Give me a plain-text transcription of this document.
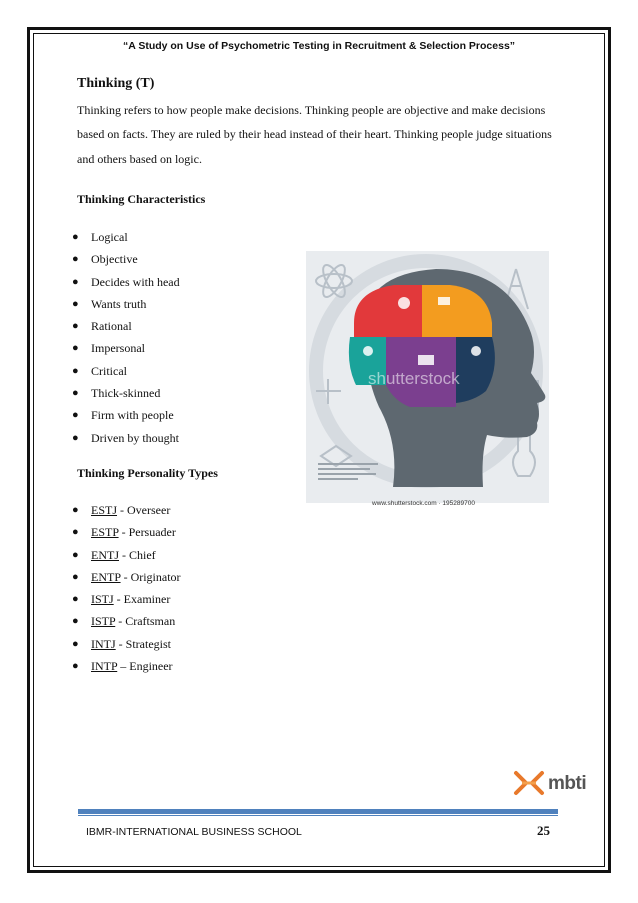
“A Study on Use of Psychometric Testing in Recruitment & Selection Process”
Thinking (T)
Thinking refers to how people make decisions. Thinking people are objective and make decisions based on facts. They are ruled by their head instead of their heart. Thinking people judge situations and others based on logic.
Thinking Characteristics
● Logical
● Objective
● Decides with head
● Wants truth
● Rational
● Impersonal
● Critical
● Thick-skinned
● Firm with people
● Driven by thought
shutterstock
www.shutterstock.com · 195289700
Thinking Personality Types
● ESTJ - Overseer
● ESTP - Persuader
● ENTJ - Chief
● ENTP - Originator
● ISTJ - Examiner
● ISTP - Craftsman
● INTJ - Strategist
● INTP – Engineer
mbti
IBMR-INTERNATIONAL BUSINESS SCHOOL	25
